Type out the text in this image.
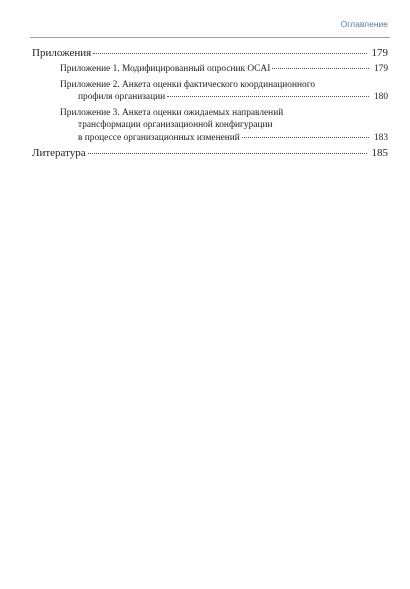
Оглавление
Приложения	179
Приложение 1. Модифицированный опросник OCAI	179
Приложение 2. Анкета оценки фактического координационного
профиля организации	180
Приложение 3. Анкета оценки ожидаемых направлений
трансформации организационной конфигурации
в процессе организационных изменений	183
Литература	185
